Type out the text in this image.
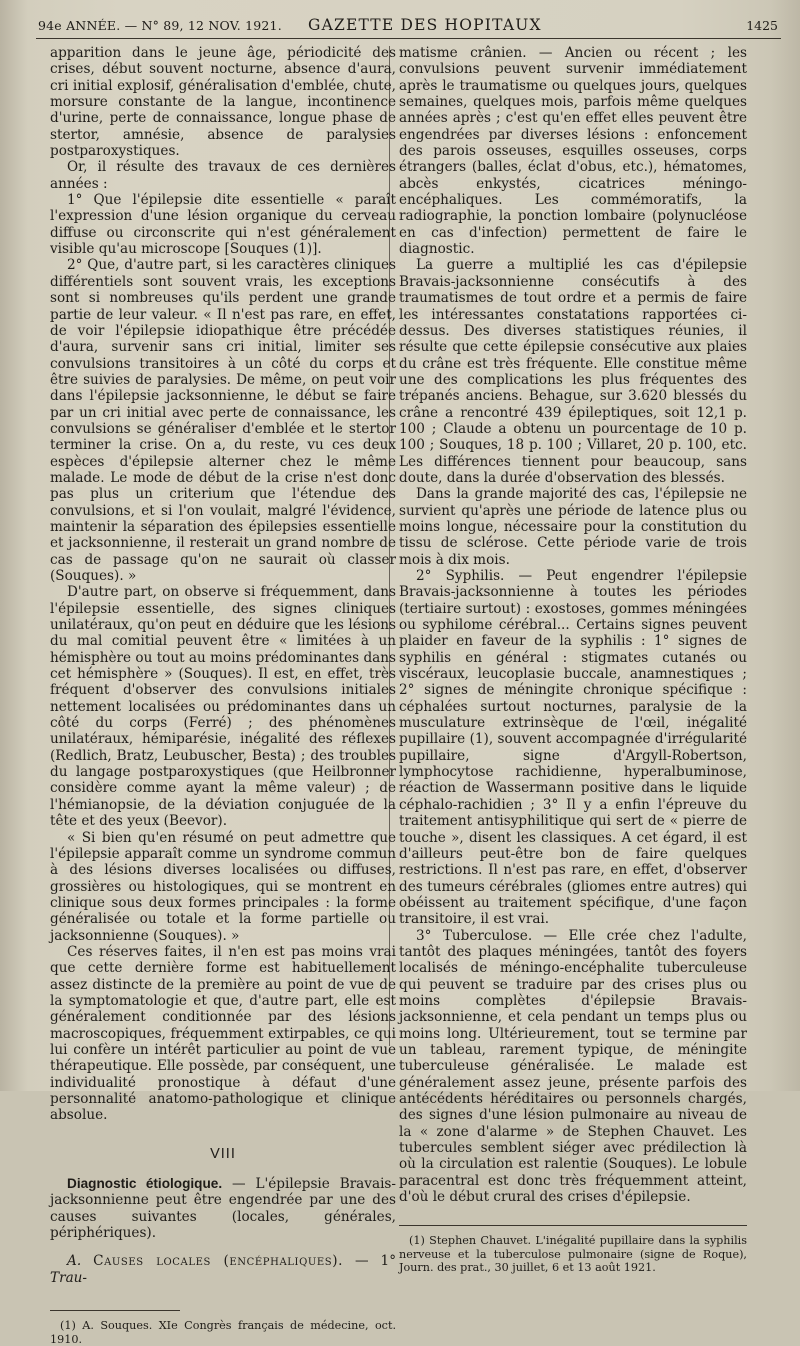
94e ANNÉE. — N° 89, 12 NOV. 1921. GAZETTE DES HOPITAUX	1425

apparition dans le jeune âge, périodicité des crises, début souvent nocturne, absence d'aura, cri initial explosif, généralisation d'emblée, chute, morsure constante de la langue, incontinence d'urine, perte de connaissance, longue phase de stertor, amnésie, absence de paralysies postparoxystiques.

Or, il résulte des travaux de ces dernières années :

1° Que l'épilepsie dite essentielle « paraît l'expression d'une lésion organique du cerveau diffuse ou circonscrite qui n'est généralement visible qu'au microscope [Souques (1)].

2° Que, d'autre part, si les caractères cliniques différentiels sont souvent vrais, les exceptions sont si nombreuses qu'ils perdent une grande partie de leur valeur. « Il n'est pas rare, en effet, de voir l'épilepsie idiopathique être précédée d'aura, survenir sans cri initial, limiter ses convulsions transitoires à un côté du corps et être suivies de paralysies. De même, on peut voir dans l'épilepsie jacksonnienne, le début se faire par un cri initial avec perte de connaissance, les convulsions se généraliser d'emblée et le stertor terminer la crise. On a, du reste, vu ces deux espèces d'épilepsie alterner chez le même malade. Le mode de début de la crise n'est donc pas plus un criterium que l'étendue des convulsions, et si l'on voulait, malgré l'évidence, maintenir la séparation des épilepsies essentielle et jacksonnienne, il resterait un grand nombre de cas de passage qu'on ne saurait où classer (Souques). »

D'autre part, on observe si fréquemment, dans l'épilepsie essentielle, des signes cliniques unilatéraux, qu'on peut en déduire que les lésions du mal comitial peuvent être « limitées à un hémisphère ou tout au moins prédominantes dans cet hémisphère » (Souques). Il est, en effet, très fréquent d'observer des convulsions initiales nettement localisées ou prédominantes dans un côté du corps (Ferré) ; des phénomènes unilatéraux, hémiparésie, inégalité des réflexes (Redlich, Bratz, Leubuscher, Besta) ; des troubles du langage postparoxystiques (que Heilbronner considère comme ayant la même valeur) ; de l'hémianopsie, de la déviation conjuguée de la tête et des yeux (Beevor).

« Si bien qu'en résumé on peut admettre que l'épilepsie apparaît comme un syndrome commun à des lésions diverses localisées ou diffuses, grossières ou histologiques, qui se montrent en clinique sous deux formes principales : la forme généralisée ou totale et la forme partielle ou jacksonnienne (Souques). »

Ces réserves faites, il n'en est pas moins vrai que cette dernière forme est habituellement assez distincte de la première au point de vue de la symptomatologie et que, d'autre part, elle est généralement conditionnée par des lésions macroscopiques, fréquemment extirpables, ce qui lui confère un intérêt particulier au point de vue thérapeutique. Elle possède, par conséquent, une individualité pronostique à défaut d'une personnalité anatomo-pathologique et clinique absolue.

VIII

Diagnostic étiologique. — L'épilepsie Bravais-jacksonnienne peut être engendrée par une des causes suivantes (locales, générales, périphériques).

A. Causes locales (encéphaliques). — 1° Trau-

(1) A. Souques. XIe Congrès français de médecine, oct. 1910.

matisme crânien. — Ancien ou récent ; les convulsions peuvent survenir immédiatement après le traumatisme ou quelques jours, quelques semaines, quelques mois, parfois même quelques années après ; c'est qu'en effet elles peuvent être engendrées par diverses lésions : enfoncement des parois osseuses, esquilles osseuses, corps étrangers (balles, éclat d'obus, etc.), hématomes, abcès enkystés, cicatrices méningo-encéphaliques. Les commémoratifs, la radiographie, la ponction lombaire (polynucléose en cas d'infection) permettent de faire le diagnostic.

La guerre a multiplié les cas d'épilepsie Bravais-jacksonnienne consécutifs à des traumatismes de tout ordre et a permis de faire les intéressantes constatations rapportées ci-dessus. Des diverses statistiques réunies, il résulte que cette épilepsie consécutive aux plaies du crâne est très fréquente. Elle constitue même une des complications les plus fréquentes des trépanés anciens. Behague, sur 3.620 blessés du crâne a rencontré 439 épileptiques, soit 12,1 p. 100 ; Claude a obtenu un pourcentage de 10 p. 100 ; Souques, 18 p. 100 ; Villaret, 20 p. 100, etc. Les différences tiennent pour beaucoup, sans doute, dans la durée d'observation des blessés.

Dans la grande majorité des cas, l'épilepsie ne survient qu'après une période de latence plus ou moins longue, nécessaire pour la constitution du tissu de sclérose. Cette période varie de trois mois à dix mois.

2° Syphilis. — Peut engendrer l'épilepsie Bravais-jacksonnienne à toutes les périodes (tertiaire surtout) : exostoses, gommes méningées ou syphilome cérébral... Certains signes peuvent plaider en faveur de la syphilis : 1° signes de syphilis en général : stigmates cutanés ou viscéraux, leucoplasie buccale, anamnestiques ; 2° signes de méningite chronique spécifique : céphalées surtout nocturnes, paralysie de la musculature extrinsèque de l'œil, inégalité pupillaire (1), souvent accompagnée d'irrégularité pupillaire, signe d'Argyll-Robertson, lymphocytose rachidienne, hyperalbuminose, réaction de Wassermann positive dans le liquide céphalo-rachidien ; 3° Il y a enfin l'épreuve du traitement antisyphilitique qui sert de « pierre de touche », disent les classiques. A cet égard, il est d'ailleurs peut-être bon de faire quelques restrictions. Il n'est pas rare, en effet, d'observer des tumeurs cérébrales (gliomes entre autres) qui obéissent au traitement spécifique, d'une façon transitoire, il est vrai.

3° Tuberculose. — Elle crée chez l'adulte, tantôt des plaques méningées, tantôt des foyers localisés de méningo-encéphalite tuberculeuse qui peuvent se traduire par des crises plus ou moins complètes d'épilepsie Bravais-jacksonnienne, et cela pendant un temps plus ou moins long. Ultérieurement, tout se termine par un tableau, rarement typique, de méningite tuberculeuse généralisée. Le malade est généralement assez jeune, présente parfois des antécédents héréditaires ou personnels chargés, des signes d'une lésion pulmonaire au niveau de la « zone d'alarme » de Stephen Chauvet. Les tubercules semblent siéger avec prédilection là où la circulation est ralentie (Souques). Le lobule paracentral est donc très fréquemment atteint, d'où le début crural des crises d'épilepsie.

(1) Stephen Chauvet. L'inégalité pupillaire dans la syphilis nerveuse et la tuberculose pulmonaire (signe de Roque), Journ. des prat., 30 juillet, 6 et 13 août 1921.
